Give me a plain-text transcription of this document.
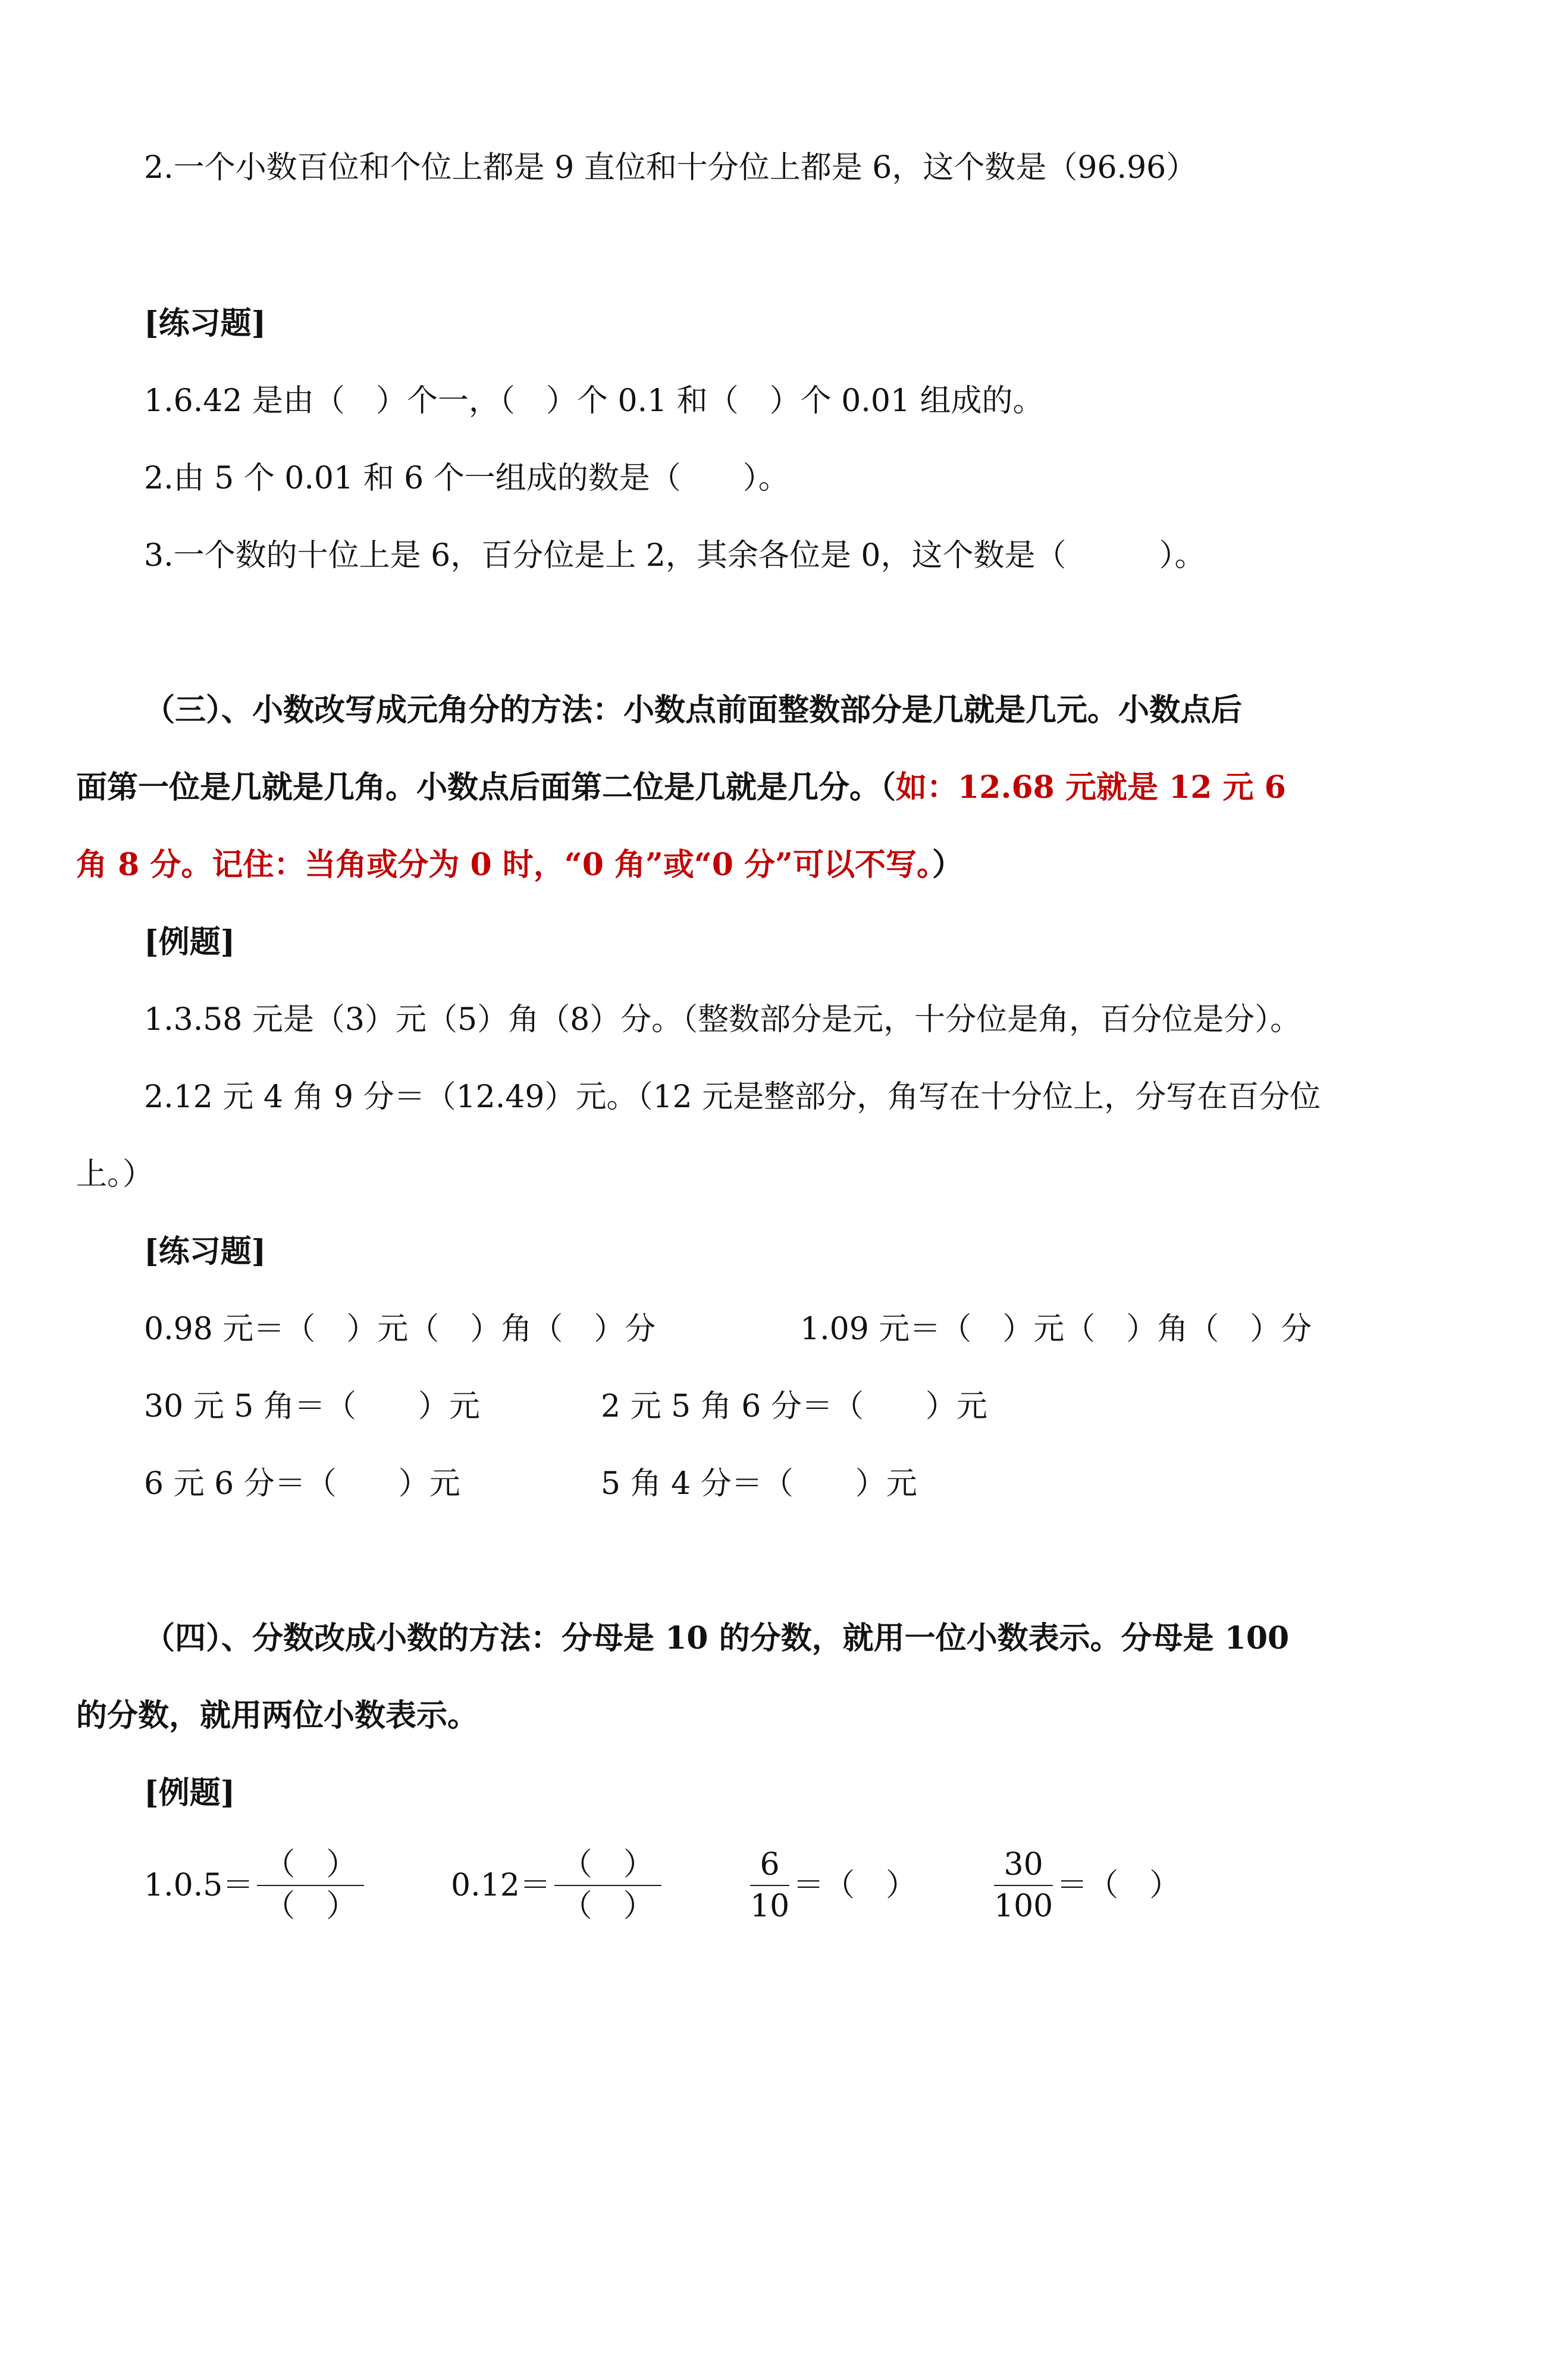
2.一个小数百位和个位上都是 9 直位和十分位上都是 6，这个数是（96.96）
[练习题]
1.6.42 是由（　）个一，（　）个 0.1 和（　）个 0.01 组成的。
2.由 5 个 0.01 和 6 个一组成的数是（　　）。
3.一个数的十位上是 6，百分位是上 2，其余各位是 0，这个数是（　　　）。
（三）、小数改写成元角分的方法：小数点前面整数部分是几就是几元。小数点后
面第一位是几就是几角。小数点后面第二位是几就是几分。（如：12.68 元就是 12 元 6
角 8 分。记住：当角或分为 0 时，“0 角”或“0 分”可以不写。）
[例题]
1.3.58 元是（3）元（5）角（8）分。（整数部分是元，十分位是角，百分位是分）。
2.12 元 4 角 9 分＝（12.49）元。（12 元是整部分，角写在十分位上，分写在百分位
上。）
[练习题]
0.98 元＝（　）元（　）角（　）分	1.09 元＝（　）元（　）角（　）分
30 元 5 角＝（　　）元	2 元 5 角 6 分＝（　　）元
6 元 6 分＝（　　）元	5 角 4 分＝（　　）元
（四）、分数改成小数的方法：分母是 10 的分数，就用一位小数表示。分母是 100
的分数，就用两位小数表示。
[例题]
$1.0.5= \frac{( )}{( )}$	$0.12= \frac{( )}{( )}$	$\frac{6}{10}$ ＝（　） $\frac{30}{100}$ ＝（　）
